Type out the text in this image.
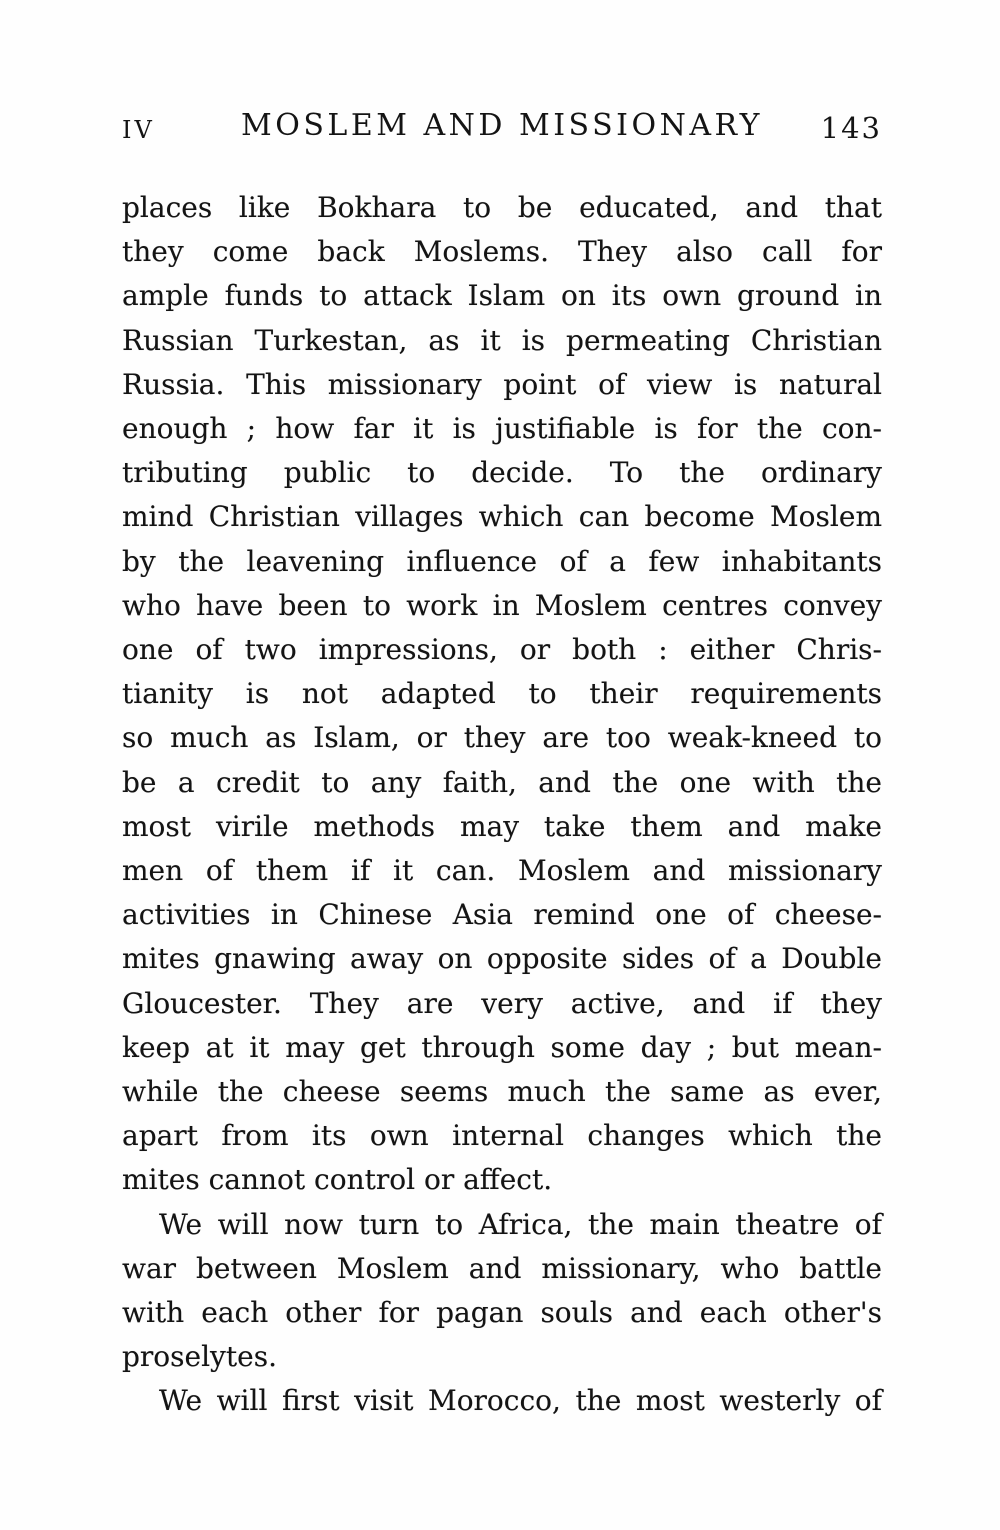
IV	MOSLEM AND MISSIONARY 143
places like Bokhara to be educated, and that
they come back Moslems. They also call for
ample funds to attack Islam on its own ground in
Russian Turkestan, as it is permeating Christian
Russia. This missionary point of view is natural
enough ; how far it is justifiable is for the con-
tributing public to decide. To the ordinary
mind Christian villages which can become Moslem
by the leavening influence of a few inhabitants
who have been to work in Moslem centres convey
one of two impressions, or both : either Chris-
tianity is not adapted to their requirements
so much as Islam, or they are too weak-kneed to
be a credit to any faith, and the one with the
most virile methods may take them and make
men of them if it can. Moslem and missionary
activities in Chinese Asia remind one of cheese-
mites gnawing away on opposite sides of a Double
Gloucester. They are very active, and if they
keep at it may get through some day ; but mean-
while the cheese seems much the same as ever,
apart from its own internal changes which the
mites cannot control or affect.
We will now turn to Africa, the main theatre of
war between Moslem and missionary, who battle
with each other for pagan souls and each other's
proselytes.
We will first visit Morocco, the most westerly of
